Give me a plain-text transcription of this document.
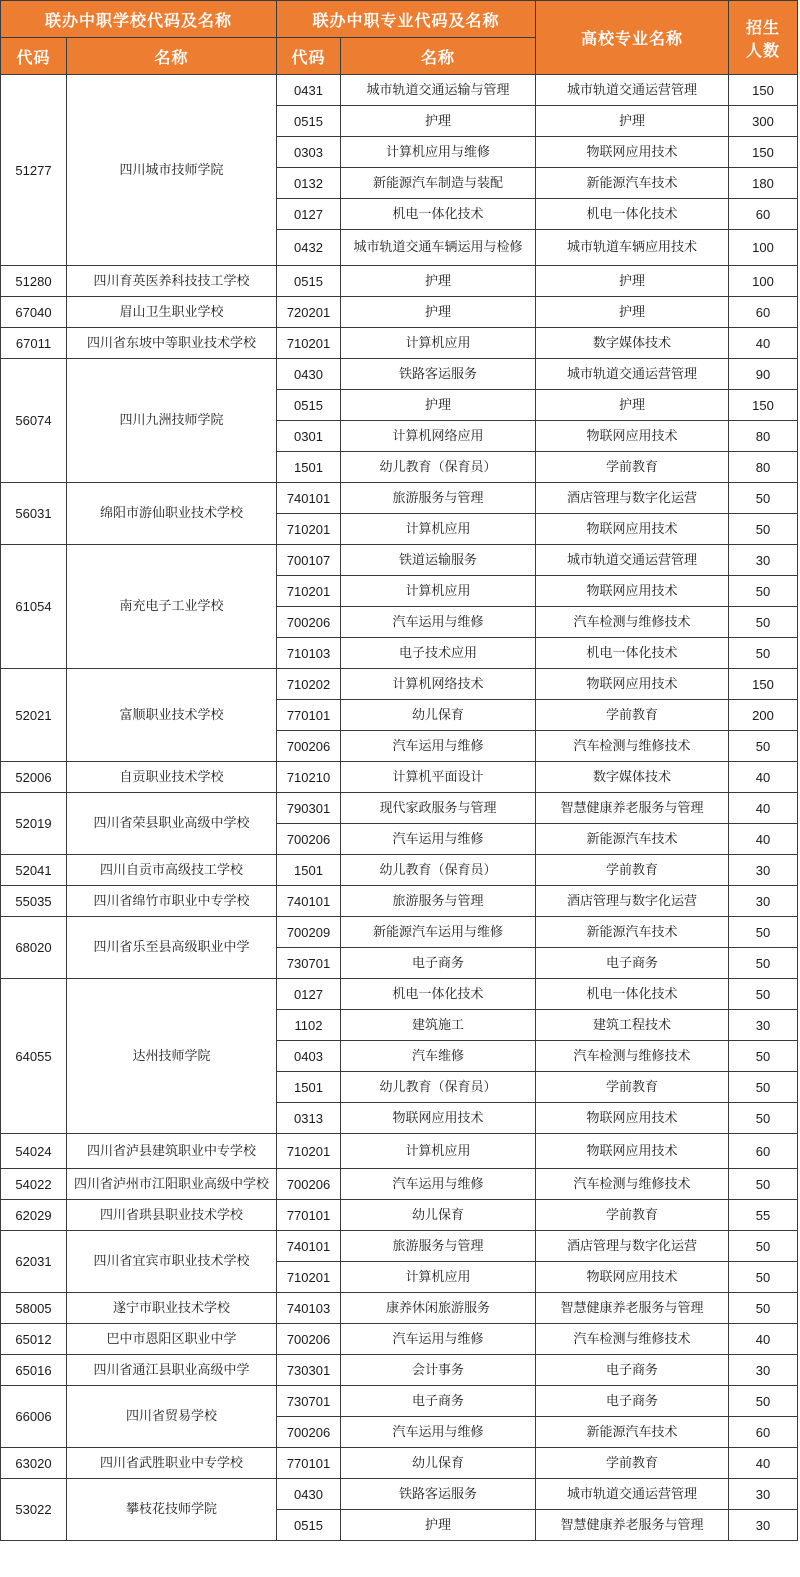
联办中职学校代码及名称		联办中职专业代码及名称		高校专业名称	招生
人数

代码	名称	代码	名称		
51277	四川城市技师学院	0431	城市轨道交通运输与管理	城市轨道交通运营管理	150
		0515	护理	护理	300
		0303	计算机应用与维修	物联网应用技术	150
		0132	新能源汽车制造与装配	新能源汽车技术	180
		0127	机电一体化技术	机电一体化技术	60
		0432	城市轨道交通车辆运用与检修	城市轨道车辆应用技术	100
51280	四川育英医养科技技工学校	0515	护理	护理	100
67040	眉山卫生职业学校	720201	护理	护理	60
67011	四川省东坡中等职业技术学校	710201	计算机应用	数字媒体技术	40
56074	四川九洲技师学院	0430	铁路客运服务	城市轨道交通运营管理	90
		0515	护理	护理	150
		0301	计算机网络应用	物联网应用技术	80
		1501	幼儿教育（保育员）	学前教育	80
56031	绵阳市游仙职业技术学校	740101	旅游服务与管理	酒店管理与数字化运营	50
		710201	计算机应用	物联网应用技术	50
61054	南充电子工业学校	700107	铁道运输服务	城市轨道交通运营管理	30
		710201	计算机应用	物联网应用技术	50
		700206	汽车运用与维修	汽车检测与维修技术	50
		710103	电子技术应用	机电一体化技术	50
52021	富顺职业技术学校	710202	计算机网络技术	物联网应用技术	150
		770101	幼儿保育	学前教育	200
		700206	汽车运用与维修	汽车检测与维修技术	50
52006	自贡职业技术学校	710210	计算机平面设计	数字媒体技术	40
52019	四川省荣县职业高级中学校	790301	现代家政服务与管理	智慧健康养老服务与管理	40
		700206	汽车运用与维修	新能源汽车技术	40
52041	四川自贡市高级技工学校	1501	幼儿教育（保育员）	学前教育	30
55035	四川省绵竹市职业中专学校	740101	旅游服务与管理	酒店管理与数字化运营	30
68020	四川省乐至县高级职业中学	700209	新能源汽车运用与维修	新能源汽车技术	50
		730701	电子商务	电子商务	50
64055	达州技师学院	0127	机电一体化技术	机电一体化技术	50
		1102	建筑施工	建筑工程技术	30
		0403	汽车维修	汽车检测与维修技术	50
		1501	幼儿教育（保育员）	学前教育	50
		0313	物联网应用技术	物联网应用技术	50
54024	四川省泸县建筑职业中专学校	710201	计算机应用	物联网应用技术	60
54022	四川省泸州市江阳职业高级中学校	700206	汽车运用与维修	汽车检测与维修技术	50
62029	四川省珙县职业技术学校	770101	幼儿保育	学前教育	55
62031	四川省宜宾市职业技术学校	740101	旅游服务与管理	酒店管理与数字化运营	50
		710201	计算机应用	物联网应用技术	50
58005	遂宁市职业技术学校	740103	康养休闲旅游服务	智慧健康养老服务与管理	50
65012	巴中市恩阳区职业中学	700206	汽车运用与维修	汽车检测与维修技术	40
65016	四川省通江县职业高级中学	730301	会计事务	电子商务	30
66006	四川省贸易学校	730701	电子商务	电子商务	50
		700206	汽车运用与维修	新能源汽车技术	60
63020	四川省武胜职业中专学校	770101	幼儿保育	学前教育	40
53022	攀枝花技师学院	0430	铁路客运服务	城市轨道交通运营管理	30
		0515	护理	智慧健康养老服务与管理	30
